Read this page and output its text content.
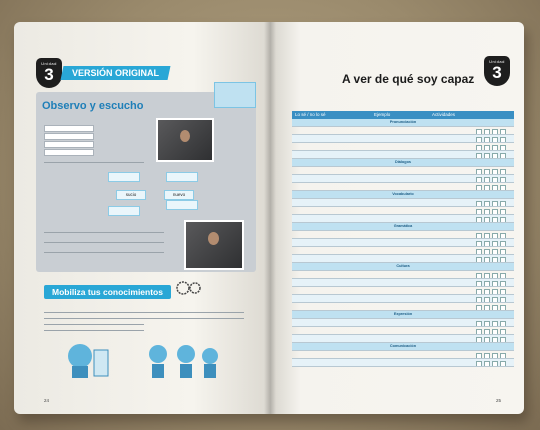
Unidad
3	VERSIÓN ORIGINAL
Observo y escucho
sucio	nuevo
Mobiliza tus conocimientos
24
Unidad
3
A ver de qué soy capaz
Lo sé / no lo sé	Ejemplo	Actividades
Pronunciación
Diálogos
Vocabulario
Gramática
Cultura
Expresión
Comunicación
25
